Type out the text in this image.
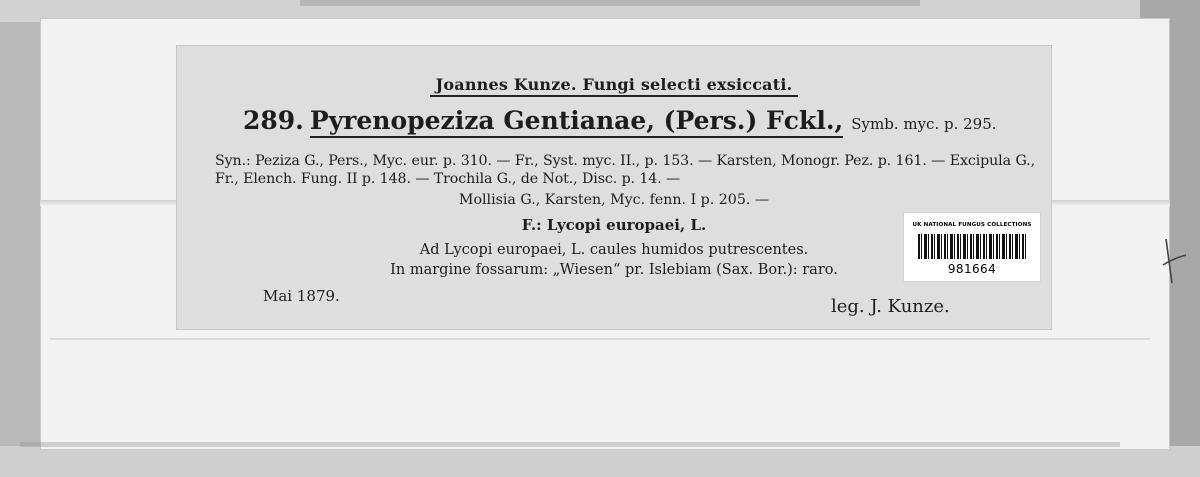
Joannes Kunze. Fungi selecti exsiccati.
289. Pyrenopeziza Gentianae, (Pers.) Fckl., Symb. myc. p. 295.
Syn.: Peziza G., Pers., Myc. eur. p. 310. — Fr., Syst. myc. II., p. 153. — Karsten, Monogr. Pez. p. 161. — Excipula G., Fr., Elench. Fung. II p. 148. — Trochila G., de Not., Disc. p. 14. —
Mollisia G., Karsten, Myc. fenn. I p. 205. —
F.: Lycopi europaei, L.
Ad Lycopi europaei, L. caules humidos putrescentes.
In margine fossarum: „Wiesen“ pr. Islebiam (Sax. Bor.): raro.
Mai 1879.	leg. J. Kunze.
UK NATIONAL FUNGUS COLLECTIONS
981664
